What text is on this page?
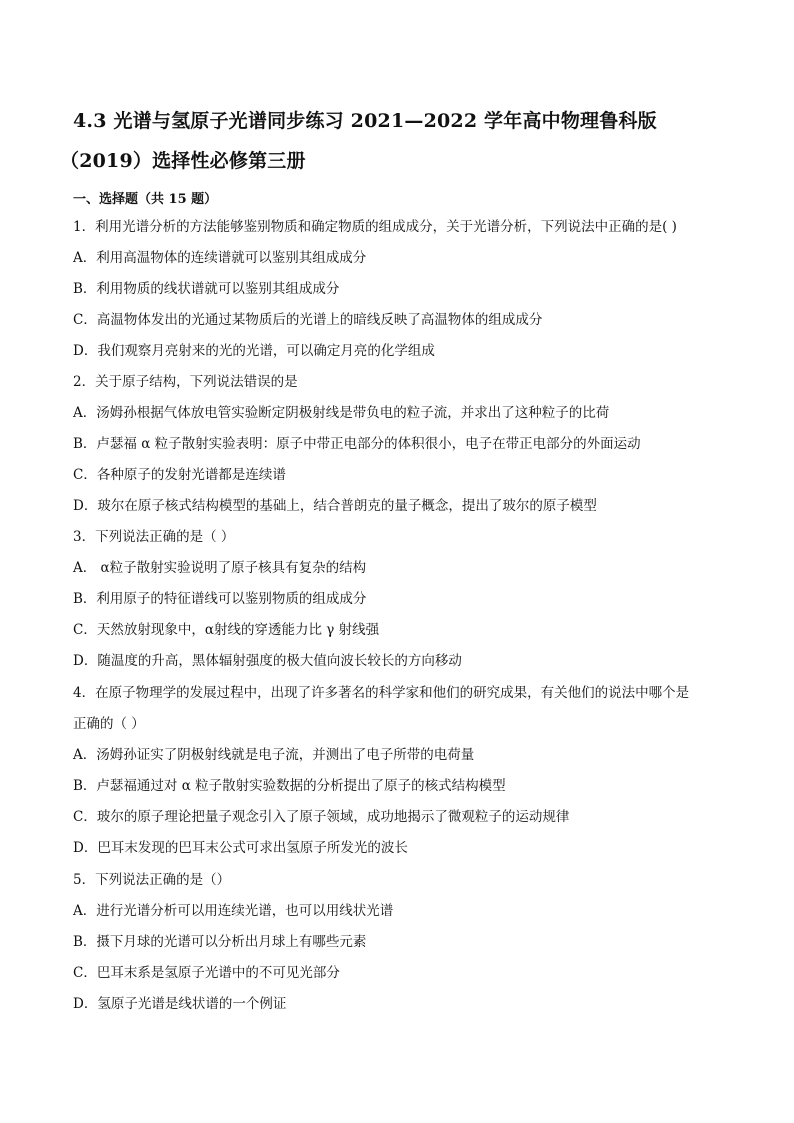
4.3 光谱与氢原子光谱同步练习 2021—2022 学年高中物理鲁科版
（2019）选择性必修第三册
一、选择题（共 15 题）
1．利用光谱分析的方法能够鉴别物质和确定物质的组成成分，关于光谱分析，下列说法中正确的是( )
A．利用高温物体的连续谱就可以鉴别其组成成分
B．利用物质的线状谱就可以鉴别其组成成分
C．高温物体发出的光通过某物质后的光谱上的暗线反映了高温物体的组成成分
D．我们观察月亮射来的光的光谱，可以确定月亮的化学组成
2．关于原子结构，下列说法错误的是
A．汤姆孙根据气体放电管实验断定阴极射线是带负电的粒子流，并求出了这种粒子的比荷
B．卢瑟福 α 粒子散射实验表明：原子中带正电部分的体积很小，电子在带正电部分的外面运动
C．各种原子的发射光谱都是连续谱
D．玻尔在原子核式结构模型的基础上，结合普朗克的量子概念，提出了玻尔的原子模型
3．下列说法正确的是（ ）
A． α粒子散射实验说明了原子核具有复杂的结构
B．利用原子的特征谱线可以鉴别物质的组成成分
C．天然放射现象中，α射线的穿透能力比 γ 射线强
D．随温度的升高，黑体辐射强度的极大值向波长较长的方向移动
4．在原子物理学的发展过程中，出现了许多著名的科学家和他们的研究成果，有关他们的说法中哪个是
正确的（ ）
A．汤姆孙证实了阴极射线就是电子流，并测出了电子所带的电荷量
B．卢瑟福通过对 α 粒子散射实验数据的分析提出了原子的核式结构模型
C．玻尔的原子理论把量子观念引入了原子领域，成功地揭示了微观粒子的运动规律
D．巴耳末发现的巴耳末公式可求出氢原子所发光的波长
5．下列说法正确的是（）
A．进行光谱分析可以用连续光谱，也可以用线状光谱
B．摄下月球的光谱可以分析出月球上有哪些元素
C．巴耳末系是氢原子光谱中的不可见光部分
D．氢原子光谱是线状谱的一个例证
